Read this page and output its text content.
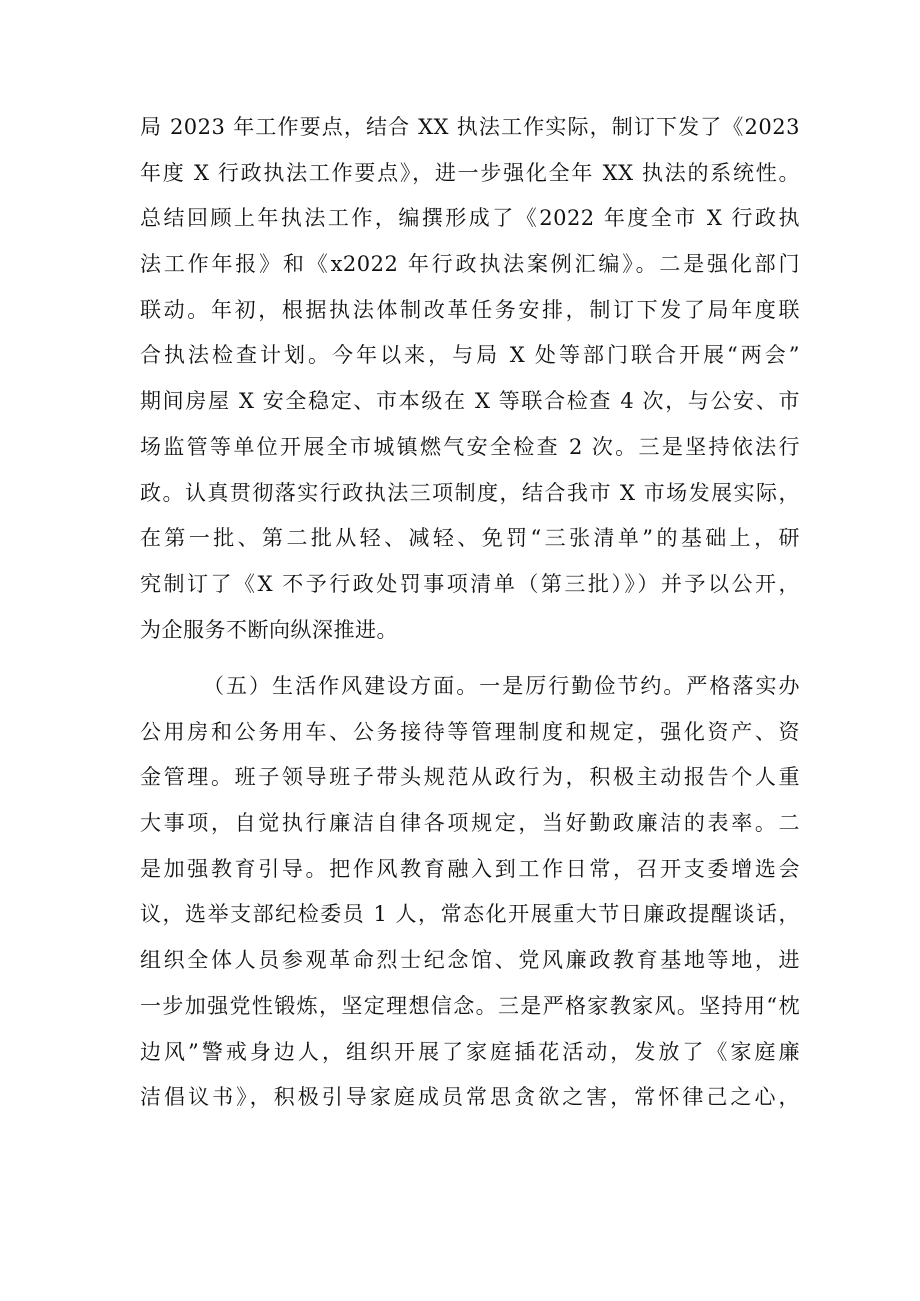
局 2023 年工作要点，结合 XX 执法工作实际，制订下发了《2023
年度 X 行政执法工作要点》，进一步强化全年 XX 执法的系统性。
总结回顾上年执法工作，编撰形成了《2022 年度全市 X 行政执
法工作年报》和《x2022 年行政执法案例汇编》。二是强化部门
联动。年初，根据执法体制改革任务安排，制订下发了局年度联
合执法检查计划。今年以来，与局 X 处等部门联合开展“两会”
期间房屋 X 安全稳定、市本级在 X 等联合检查 4 次，与公安、市
场监管等单位开展全市城镇燃气安全检查 2 次。三是坚持依法行
政。认真贯彻落实行政执法三项制度，结合我市 X 市场发展实际，
在第一批、第二批从轻、减轻、免罚“三张清单”的基础上，研
究制订了《X 不予行政处罚事项清单（第三批）》）并予以公开，
为企服务不断向纵深推进。
（五）生活作风建设方面。一是厉行勤俭节约。严格落实办
公用房和公务用车、公务接待等管理制度和规定，强化资产、资
金管理。班子领导班子带头规范从政行为，积极主动报告个人重
大事项，自觉执行廉洁自律各项规定，当好勤政廉洁的表率。二
是加强教育引导。把作风教育融入到工作日常，召开支委增选会
议，选举支部纪检委员 1 人，常态化开展重大节日廉政提醒谈话，
组织全体人员参观革命烈士纪念馆、党风廉政教育基地等地，进
一步加强党性锻炼，坚定理想信念。三是严格家教家风。坚持用“枕
边风”警戒身边人，组织开展了家庭插花活动，发放了《家庭廉
洁倡议书》，积极引导家庭成员常思贪欲之害，常怀律己之心，
